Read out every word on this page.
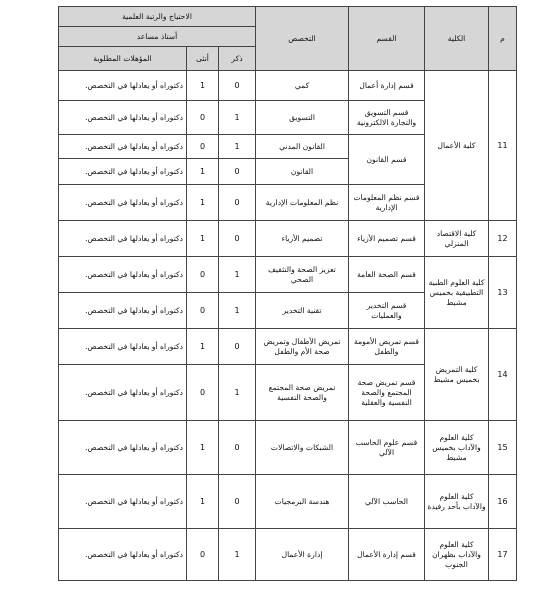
م	الكلية	القسم	التخصص	الاحتياج والرتبة العلمية		
				أستاذ مساعد		
				ذكر	أنثى	المؤهلات المطلوبة
11	كلية الأعمال	قسم إدارة أعمال	كمي	0	1	دكتوراه أو يعادلها في التخصص.
		قسم التسويق والتجارة الالكترونية	التسويق	1	0	دكتوراه أو يعادلها في التخصص.
		قسم القانون	القانون المدني	1	0	دكتوراه أو يعادلها في التخصص.
			القانون	0	1	دكتوراه أو يعادلها في التخصص.
		قسم نظم المعلومات الإدارية	نظم المعلومات الإدارية	0	1	دكتوراه أو يعادلها في التخصص.
12	كلية الاقتصاد المنزلي	قسم تصميم الأزياء	تصميم الأزياء	0	1	دكتوراه أو يعادلها في التخصص.
13	كلية العلوم الطبية التطبيقية بخميس مشيط	قسم الصحة العامة	تعزيز الصحة والتثقيف الصحي	1	0	دكتوراه أو يعادلها في التخصص.
		قسم التخدير والعمليات	تقنية التخدير	1	0	دكتوراه أو يعادلها في التخصص.
14	كلية التمريض بخميس مشيط	قسم تمريض الأمومة والطفل	تمريض الأطفال وتمريض صحة الأم والطفل	0	1	دكتوراه أو يعادلها في التخصص.
		قسم تمريض صحة المجتمع والصحة النفسية والعقلية	تمريض صحة المجتمع والصحة النفسية	1	0	دكتوراه أو يعادلها في التخصص.
15	كلية العلوم والآداب بخميس مشيط	قسم علوم الحاسب الآلي	الشبكات والاتصالات	0	1	دكتوراه أو يعادلها في التخصص.
16	كلية العلوم والآداب بأحد رفيدة	الحاسب الآلي	هندسة البرمجيات	0	1	دكتوراه أو يعادلها في التخصص.
17	كلية العلوم والآداب بظهران الجنوب	قسم إدارة الأعمال	إدارة الأعمال	1	0	دكتوراه أو يعادلها في التخصص.
